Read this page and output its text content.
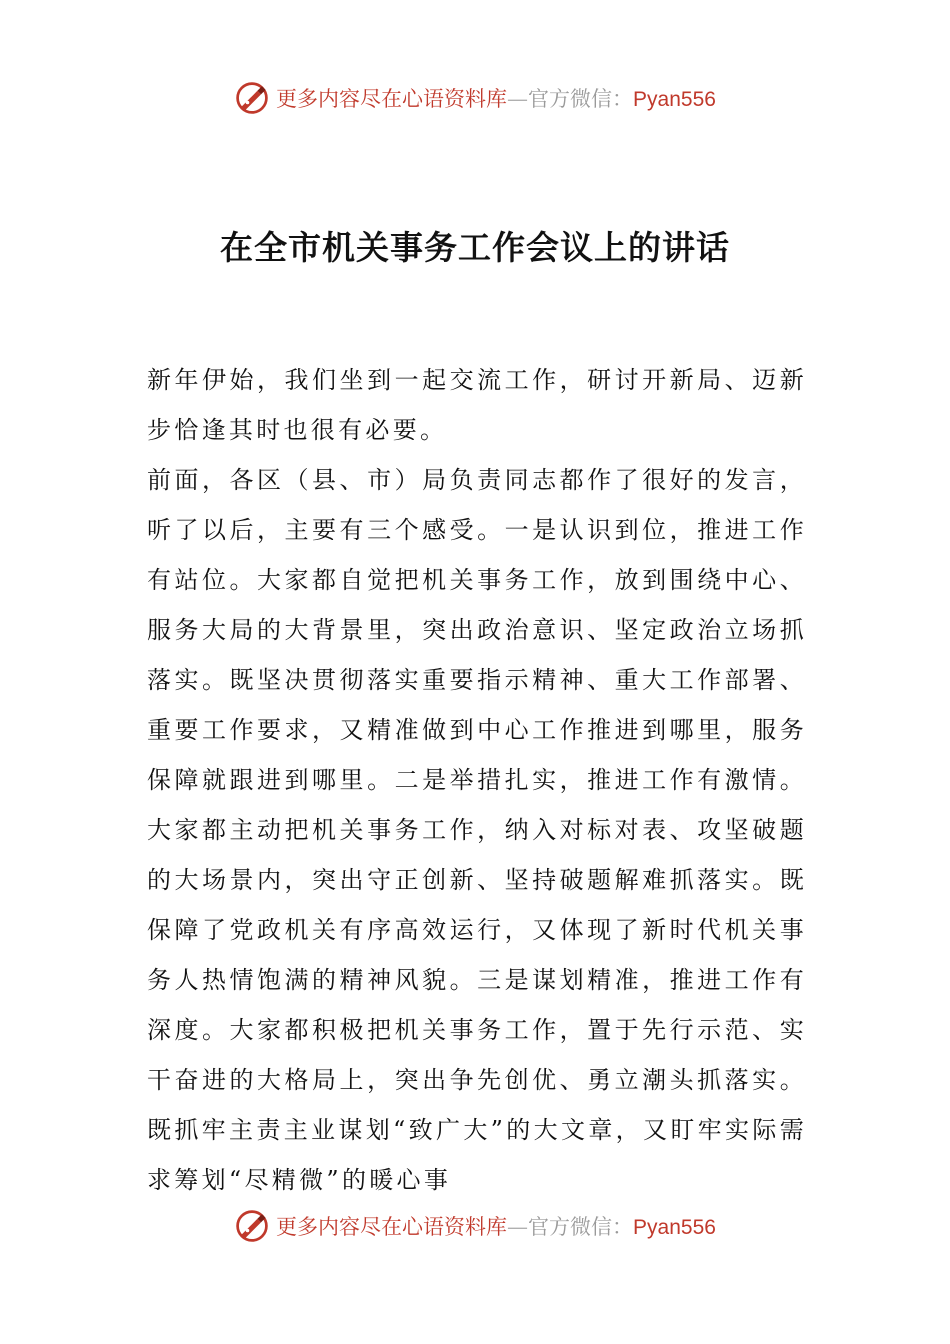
更多内容尽在心语资料库—官方微信：Pyan556
在全市机关事务工作会议上的讲话

新年伊始，我们坐到一起交流工作，研讨开新局、迈新步恰逢其时也很有必要。

前面，各区（县、市）局负责同志都作了很好的发言，听了以后，主要有三个感受。一是认识到位，推进工作有站位。大家都自觉把机关事务工作，放到围绕中心、服务大局的大背景里，突出政治意识、坚定政治立场抓落实。既坚决贯彻落实重要指示精神、重大工作部署、重要工作要求，又精准做到中心工作推进到哪里，服务保障就跟进到哪里。二是举措扎实，推进工作有激情。大家都主动把机关事务工作，纳入对标对表、攻坚破题的大场景内，突出守正创新、坚持破题解难抓落实。既保障了党政机关有序高效运行，又体现了新时代机关事务人热情饱满的精神风貌。三是谋划精准，推进工作有深度。大家都积极把机关事务工作，置于先行示范、实干奋进的大格局上，突出争先创优、勇立潮头抓落实。既抓牢主责主业谋划“致广大”的大文章，又盯牢实际需求筹划“尽精微”的暖心事

更多内容尽在心语资料库—官方微信：Pyan556
